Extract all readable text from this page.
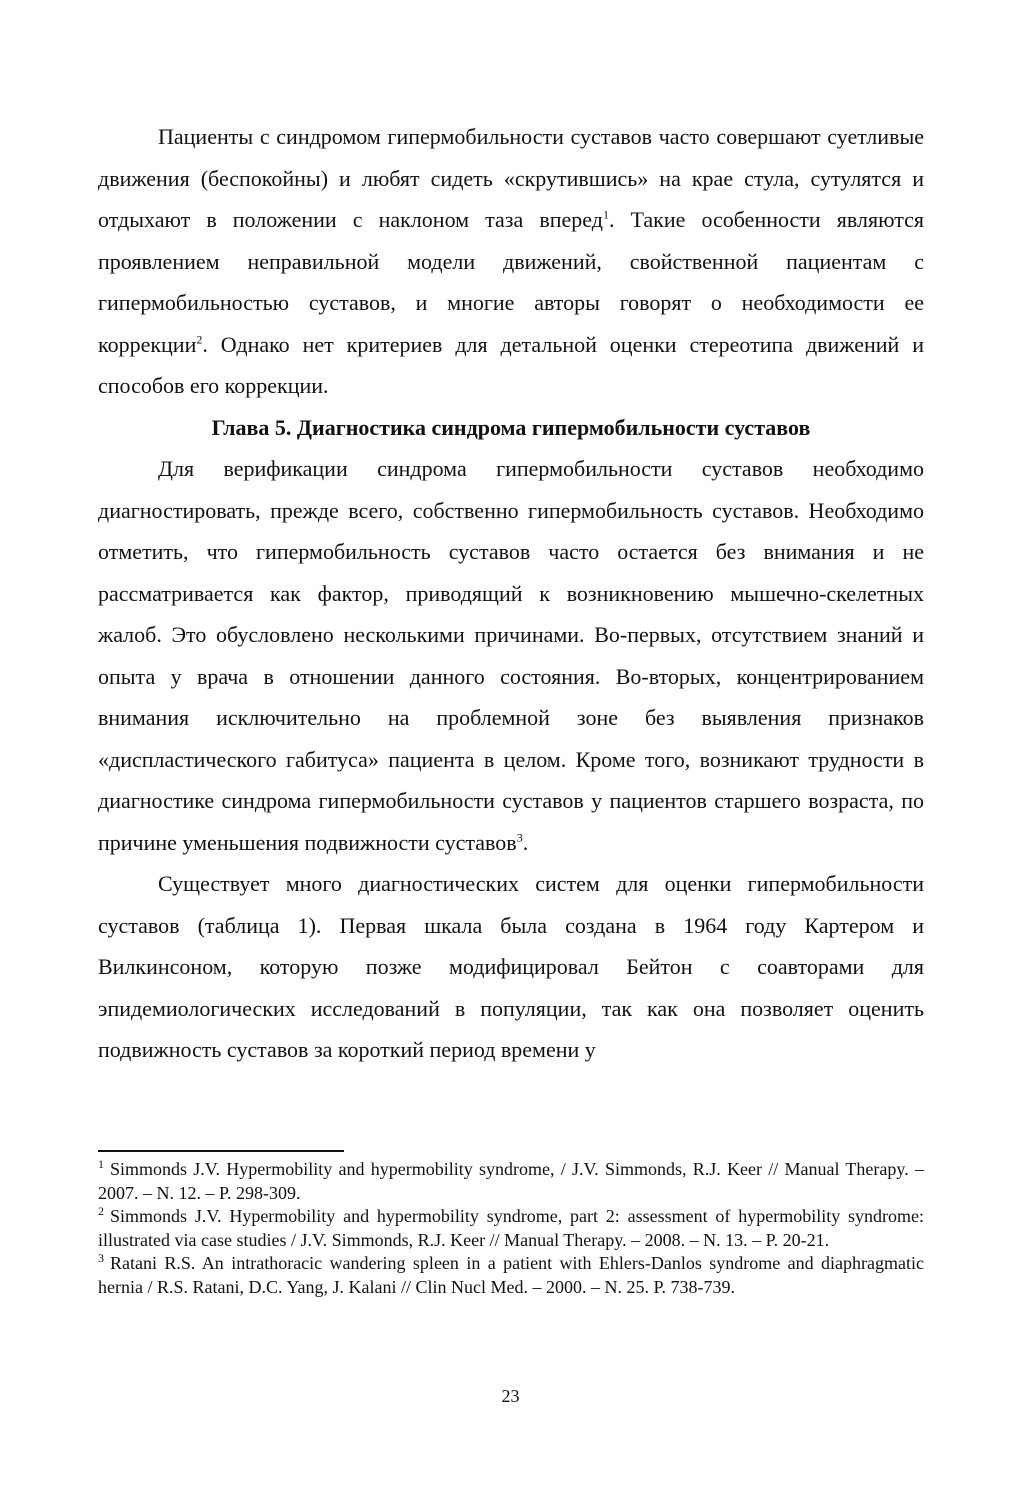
Пациенты с синдромом гипермобильности суставов часто совершают суетливые движения (беспокойны) и любят сидеть «скрутившись» на крае стула, сутулятся и отдыхают в положении с наклоном таза вперед$^1$. Такие особенности являются проявлением неправильной модели движений, свойственной пациентам с гипермобильностью суставов, и многие авторы говорят о необходимости ее коррекции$^2$. Однако нет критериев для детальной оценки стереотипа движений и способов его коррекции.

Глава 5. Диагностика синдрома гипермобильности суставов

Для верификации синдрома гипермобильности суставов необходимо диагностировать, прежде всего, собственно гипермобильность суставов. Необходимо отметить, что гипермобильность суставов часто остается без внимания и не рассматривается как фактор, приводящий к возникновению мышечно-скелетных жалоб. Это обусловлено несколькими причинами. Во-первых, отсутствием знаний и опыта у врача в отношении данного состояния. Во-вторых, концентрированием внимания исключительно на проблемной зоне без выявления признаков «диспластического габитуса» пациента в целом. Кроме того, возникают трудности в диагностике синдрома гипермобильности суставов у пациентов старшего возраста, по причине уменьшения подвижности суставов$^3$.

Существует много диагностических систем для оценки гипермобильности суставов (таблица 1). Первая шкала была создана в 1964 году Картером и Вилкинсоном, которую позже модифицировал Бейтон с соавторами для эпидемиологических исследований в популяции, так как она позволяет оценить подвижность суставов за короткий период времени у

$^1$ Simmonds J.V. Hypermobility and hypermobility syndrome, / J.V. Simmonds, R.J. Keer // Manual Therapy. – 2007. – N. 12. – P. 298-309.

$^2$ Simmonds J.V. Hypermobility and hypermobility syndrome, part 2: assessment of hypermobility syndrome: illustrated via case studies / J.V. Simmonds, R.J. Keer // Manual Therapy. – 2008. – N. 13. – P. 20-21.

$^3$ Ratani R.S. An intrathoracic wandering spleen in a patient with Ehlers-Danlos syndrome and diaphragmatic hernia / R.S. Ratani, D.C. Yang, J. Kalani // Clin Nucl Med. – 2000. – N. 25. P. 738-739.

23
